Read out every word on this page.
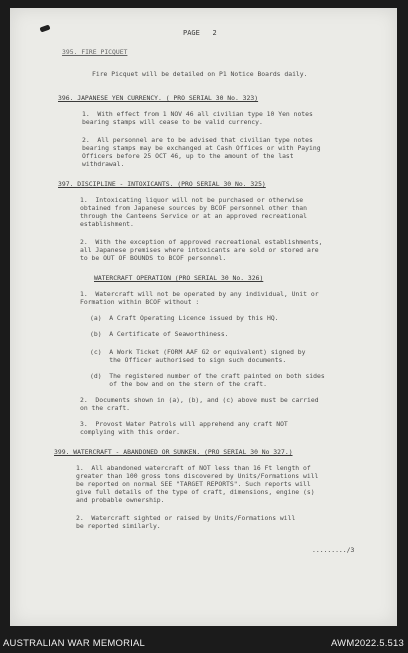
PAGE   2
395. FIRE PICQUET
Fire Picquet will be detailed on P1 Notice Boards daily.
396. JAPANESE YEN CURRENCY. ( PRO SERIAL 30 No. 323)
1.  With effect from 1 NOV 46 all civilian type 10 Yen notes
bearing stamps will cease to be valid currency.
2.  All personnel are to be advised that civilian type notes
bearing stamps may be exchanged at Cash Offices or with Paying
Officers before 25 OCT 46, up to the amount of the last
withdrawal.
397. DISCIPLINE - INTOXICANTS. (PRO SERIAL 30 No. 325)
1.  Intoxicating liquor will not be purchased or otherwise
obtained from Japanese sources by BCOF personnel other than
through the Canteens Service or at an approved recreational
establishment.
2.  With the exception of approved recreational establishments,
all Japanese premises where intoxicants are sold or stored are
to be OUT OF BOUNDS to BCOF personnel.
WATERCRAFT OPERATION (PRO SERIAL 30 No. 326)
1.  Watercraft will not be operated by any individual, Unit or
Formation within BCOF without :
(a)  A Craft Operating Licence issued by this HQ.
(b)  A Certificate of Seaworthiness.
(c)  A Work Ticket (FORM AAF G2 or equivalent) signed by
the Officer authorised to sign such documents.
(d)  The registered number of the craft painted on both sides
of the bow and on the stern of the craft.
2.  Documents shown in (a), (b), and (c) above must be carried
on the craft.
3.  Provost Water Patrols will apprehend any craft NOT
complying with this order.
399. WATERCRAFT - ABANDONED OR SUNKEN. (PRO SERIAL 30 No 327.)
1.  All abandoned watercraft of NOT less than 16 Ft length of
greater than 100 gross tons discovered by Units/Formations will
be reported on normal SEE "TARGET REPORTS". Such reports will
give full details of the type of craft, dimensions, engine (s)
and probable ownership.
2.  Watercraft sighted or raised by Units/Formations will
be reported similarly.
........./3
AUSTRALIAN WAR MEMORIAL	AWM2022.5.513
